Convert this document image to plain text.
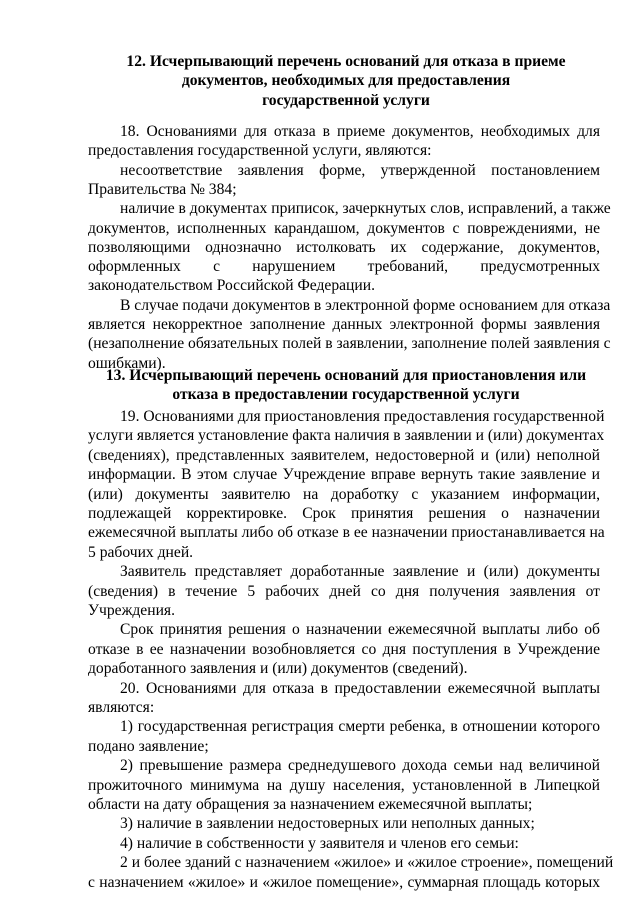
12. Исчерпывающий перечень оснований для отказа в приеме
документов, необходимых для предоставления
государственной услуги
18. Основаниями для отказа в приеме документов, необходимых для
предоставления государственной услуги, являются:
несоответствие заявления форме, утвержденной постановлением
Правительства № 384;
наличие в документах приписок, зачеркнутых слов, исправлений, а также
документов, исполненных карандашом, документов с повреждениями, не
позволяющими однозначно истолковать их содержание, документов,
оформленных с нарушением требований, предусмотренных
законодательством Российской Федерации.
В случае подачи документов в электронной форме основанием для отказа
является некорректное заполнение данных электронной формы заявления
(незаполнение обязательных полей в заявлении, заполнение полей заявления с
ошибками).
13. Исчерпывающий перечень оснований для приостановления или
отказа в предоставлении государственной услуги
19. Основаниями для приостановления предоставления государственной
услуги является установление факта наличия в заявлении и (или) документах
(сведениях), представленных заявителем, недостоверной и (или) неполной
информации. В этом случае Учреждение вправе вернуть такие заявление и
(или) документы заявителю на доработку с указанием информации,
подлежащей корректировке. Срок принятия решения о назначении
ежемесячной выплаты либо об отказе в ее назначении приостанавливается на
5 рабочих дней.
Заявитель представляет доработанные заявление и (или) документы
(сведения) в течение 5 рабочих дней со дня получения заявления от
Учреждения.
Срок принятия решения о назначении ежемесячной выплаты либо об
отказе в ее назначении возобновляется со дня поступления в Учреждение
доработанного заявления и (или) документов (сведений).
20. Основаниями для отказа в предоставлении ежемесячной выплаты
являются:
1) государственная регистрация смерти ребенка, в отношении которого
подано заявление;
2) превышение размера среднедушевого дохода семьи над величиной
прожиточного минимума на душу населения, установленной в Липецкой
области на дату обращения за назначением ежемесячной выплаты;
3) наличие в заявлении недостоверных или неполных данных;
4) наличие в собственности у заявителя и членов его семьи:
2 и более зданий с назначением «жилое» и «жилое строение», помещений
с назначением «жилое» и «жилое помещение», суммарная площадь которых
